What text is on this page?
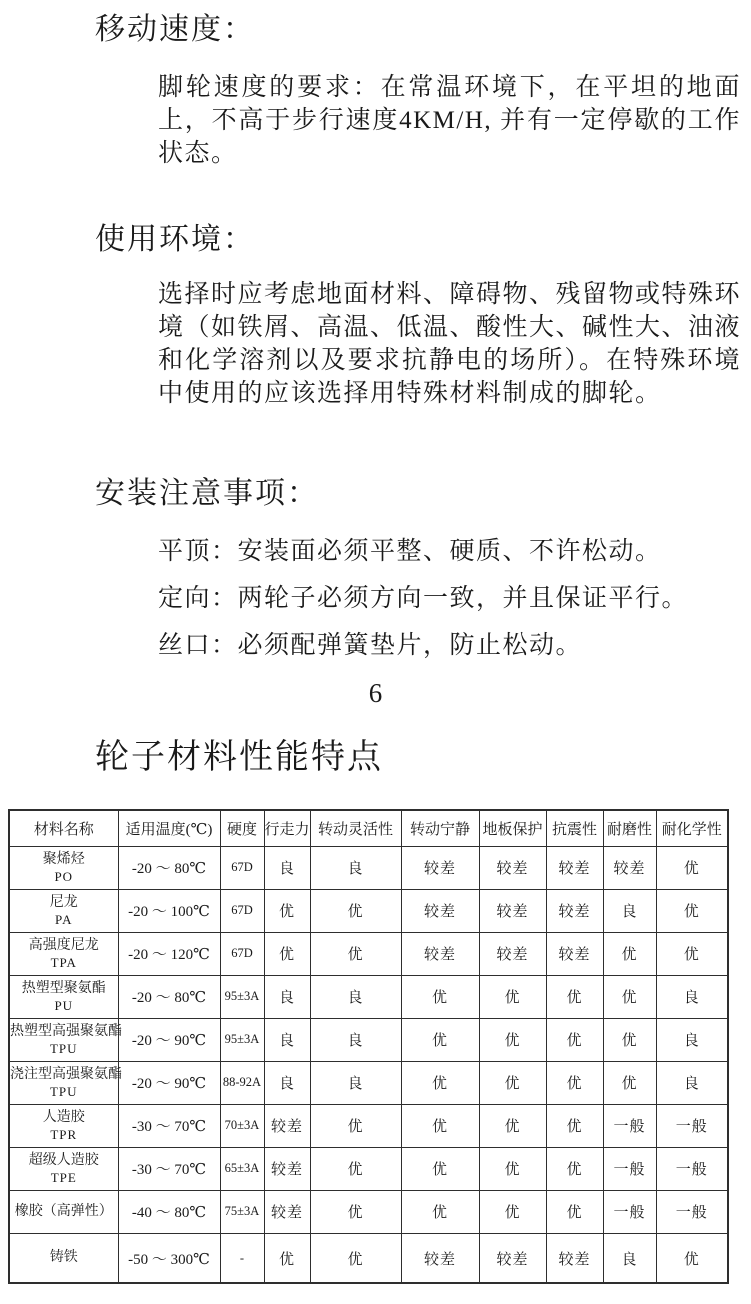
移动速度：

脚轮速度的要求：在常温环境下，在平坦的地面上，不高于步行速度4KM/H, 并有一定停歇的工作状态。

使用环境：

选择时应考虑地面材料、障碍物、残留物或特殊环境（如铁屑、高温、低温、酸性大、碱性大、油液和化学溶剂以及要求抗静电的场所）。在特殊环境中使用的应该选择用特殊材料制成的脚轮。

安装注意事项：

平顶：安装面必须平整、硬质、不许松动。

定向：两轮子必须方向一致，并且保证平行。

丝口：必须配弹簧垫片，防止松动。

6
轮子材料性能特点
材料名称	适用温度(℃)	硬度	行走力	转动灵活性	转动宁静	地板保护	抗震性	耐磨性	耐化学性

聚烯烃
PO	-20 ～ 80℃	67D	良	良	较差	较差	较差	较差	优

尼龙
PA	-20 ～ 100℃	67D	优	优	较差	较差	较差	良	优

高强度尼龙
TPA	-20 ～ 120℃	67D	优	优	较差	较差	较差	优	优

热塑型聚氨酯
PU	-20 ～ 80℃	95±3A	良	良	优	优	优	优	良

热塑型高强聚氨酯
TPU	-20 ～ 90℃	95±3A	良	良	优	优	优	优	良

浇注型高强聚氨酯
TPU	-20 ～ 90℃	88-92A	良	良	优	优	优	优	良

人造胶
TPR	-30 ～ 70℃	70±3A	较差	优	优	优	优	一般	一般

超级人造胶
TPE	-30 ～ 70℃	65±3A	较差	优	优	优	优	一般	一般

橡胶（高弹性）	-40 ～ 80℃	75±3A	较差	优	优	优	优	一般	一般

铸铁	-50 ～ 300℃	-	优	优	较差	较差	较差	良	优
